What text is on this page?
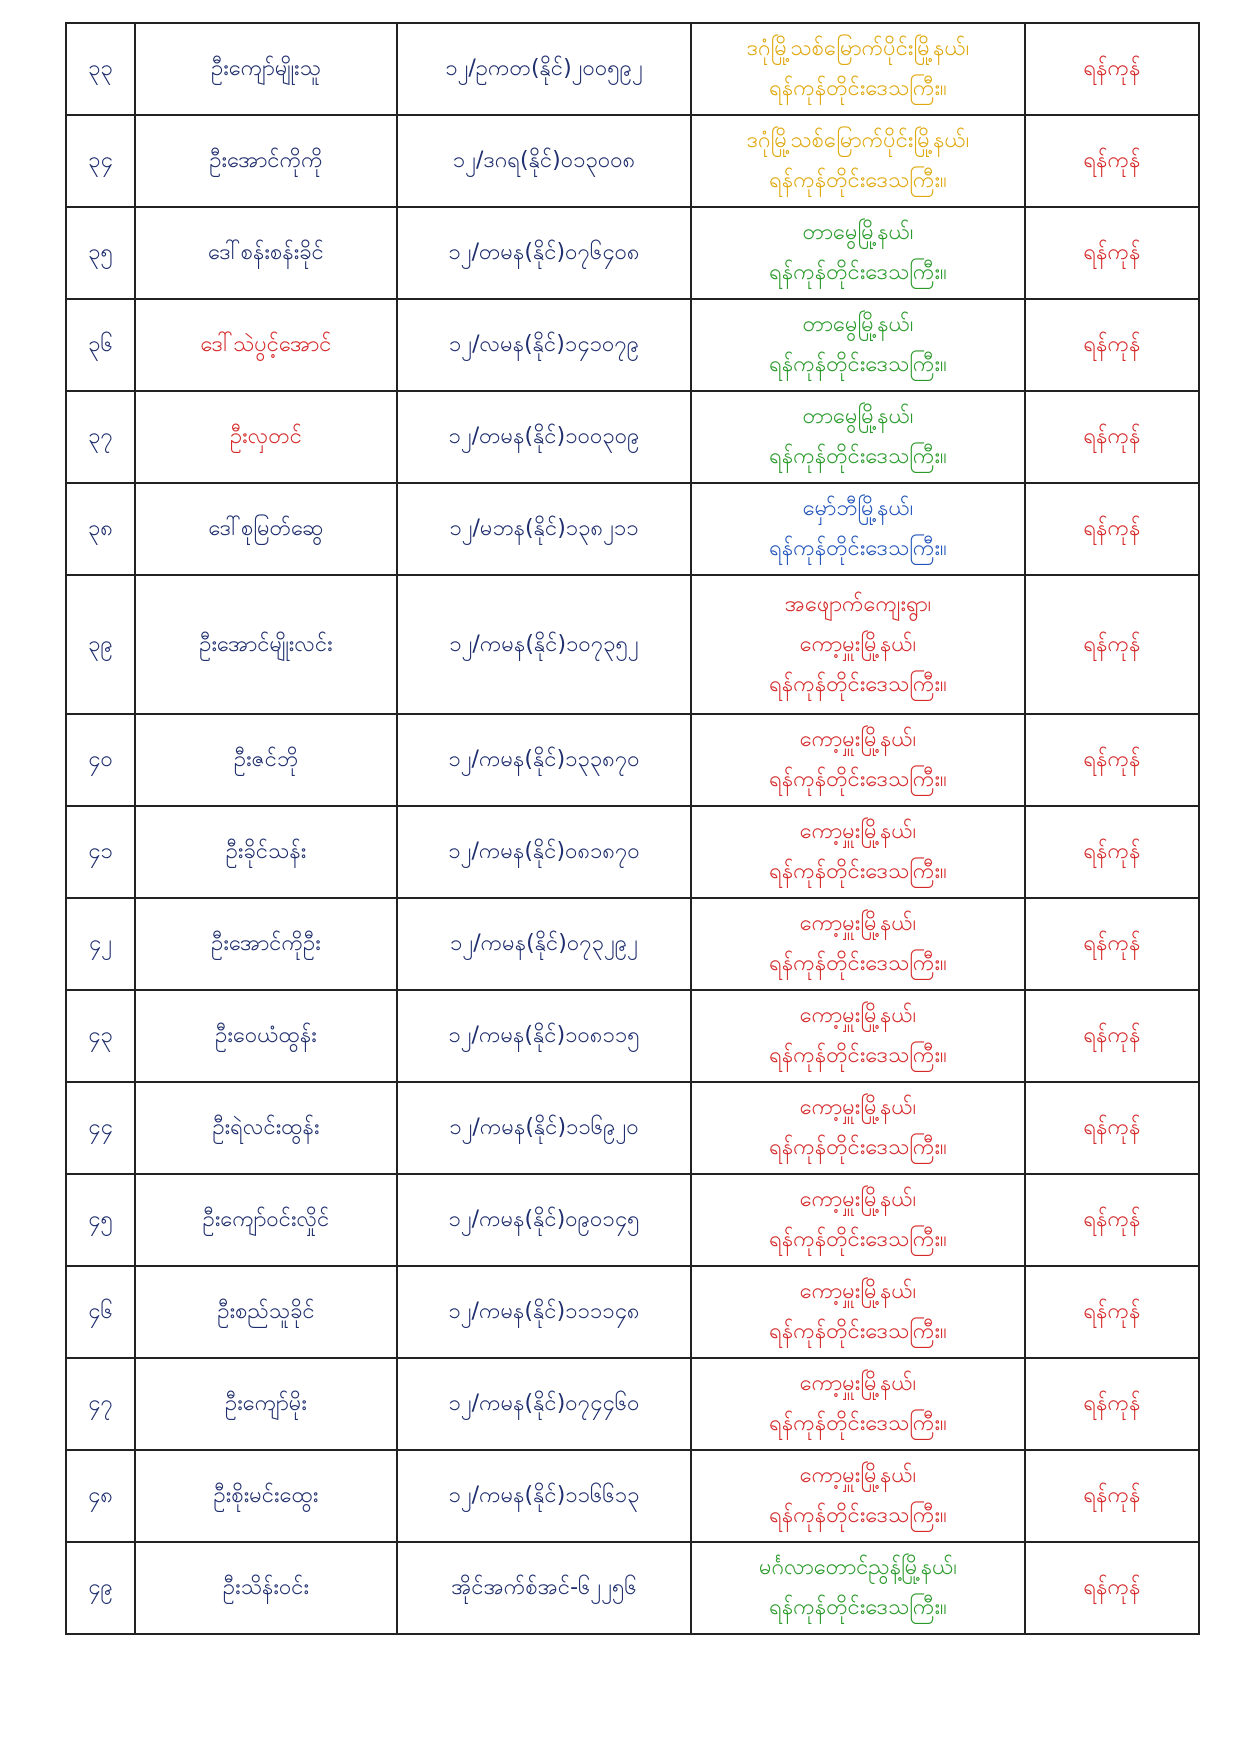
၃၃	ဦးကျော်မျိုးသူ	၁၂/ဥကတ(နိုင်)၂၀၀၅၉၂	ဒဂုံမြို့သစ်မြောက်ပိုင်းမြို့နယ်၊
ရန်ကုန်တိုင်းဒေသကြီး။	ရန်ကုန်
၃၄	ဦးအောင်ကိုကို	၁၂/ဒဂရ(နိုင်)၀၁၃၀၀၈	ဒဂုံမြို့သစ်မြောက်ပိုင်းမြို့နယ်၊
ရန်ကုန်တိုင်းဒေသကြီး။	ရန်ကုန်
၃၅	ဒေါ်စန်းစန်းခိုင်	၁၂/တမန(နိုင်)၀၇၆၄၀၈	တာမွေမြို့နယ်၊
ရန်ကုန်တိုင်းဒေသကြီး။	ရန်ကုန်
၃၆	ဒေါ်သဲပွင့်အောင်	၁၂/လမန(နိုင်)၁၄၁၀၇၉	တာမွေမြို့နယ်၊
ရန်ကုန်တိုင်းဒေသကြီး။	ရန်ကုန်
၃၇	ဦးလှတင်	၁၂/တမန(နိုင်)၁၀၀၃၀၉	တာမွေမြို့နယ်၊
ရန်ကုန်တိုင်းဒေသကြီး။	ရန်ကုန်
၃၈	ဒေါ်စုမြတ်ဆွေ	၁၂/မဘန(နိုင်)၁၃၈၂၁၁	မှော်ဘီမြို့နယ်၊
ရန်ကုန်တိုင်းဒေသကြီး။	ရန်ကုန်
၃၉	ဦးအောင်မျိုးလင်း	၁၂/ကမန(နိုင်)၁၀၇၃၅၂	အဖျောက်ကျေးရွာ၊
ကော့မှူးမြို့နယ်၊
ရန်ကုန်တိုင်းဒေသကြီး။	ရန်ကုန်
၄၀	ဦးဇင်ဘို	၁၂/ကမန(နိုင်)၁၃၃၈၇၀	ကော့မှူးမြို့နယ်၊
ရန်ကုန်တိုင်းဒေသကြီး။	ရန်ကုန်
၄၁	ဦးခိုင်သန်း	၁၂/ကမန(နိုင်)၀၈၁၈၇၀	ကော့မှူးမြို့နယ်၊
ရန်ကုန်တိုင်းဒေသကြီး။	ရန်ကုန်
၄၂	ဦးအောင်ကိုဦး	၁၂/ကမန(နိုင်)၀၇၃၂၉၂	ကော့မှူးမြို့နယ်၊
ရန်ကုန်တိုင်းဒေသကြီး။	ရန်ကုန်
၄၃	ဦးဝေယံထွန်း	၁၂/ကမန(နိုင်)၁၀၈၁၁၅	ကော့မှူးမြို့နယ်၊
ရန်ကုန်တိုင်းဒေသကြီး။	ရန်ကုန်
၄၄	ဦးရဲလင်းထွန်း	၁၂/ကမန(နိုင်)၁၁၆၉၂၀	ကော့မှူးမြို့နယ်၊
ရန်ကုန်တိုင်းဒေသကြီး။	ရန်ကုန်
၄၅	ဦးကျော်ဝင်းလှိုင်	၁၂/ကမန(နိုင်)၀၉၀၁၄၅	ကော့မှူးမြို့နယ်၊
ရန်ကုန်တိုင်းဒေသကြီး။	ရန်ကုန်
၄၆	ဦးစည်သူခိုင်	၁၂/ကမန(နိုင်)၁၁၁၁၄၈	ကော့မှူးမြို့နယ်၊
ရန်ကုန်တိုင်းဒေသကြီး။	ရန်ကုန်
၄၇	ဦးကျော်မိုး	၁၂/ကမန(နိုင်)၀၇၄၄၆၀	ကော့မှူးမြို့နယ်၊
ရန်ကုန်တိုင်းဒေသကြီး။	ရန်ကုန်
၄၈	ဦးစိုးမင်းထွေး	၁၂/ကမန(နိုင်)၁၁၆၆၁၃	ကော့မှူးမြို့နယ်၊
ရန်ကုန်တိုင်းဒေသကြီး။	ရန်ကုန်
၄၉	ဦးသိန်းဝင်း	အိုင်အက်စ်အင်-၆၂၂၅၆	မင်္ဂလာတောင်ညွန့်မြို့နယ်၊
ရန်ကုန်တိုင်းဒေသကြီး။	ရန်ကုန်
